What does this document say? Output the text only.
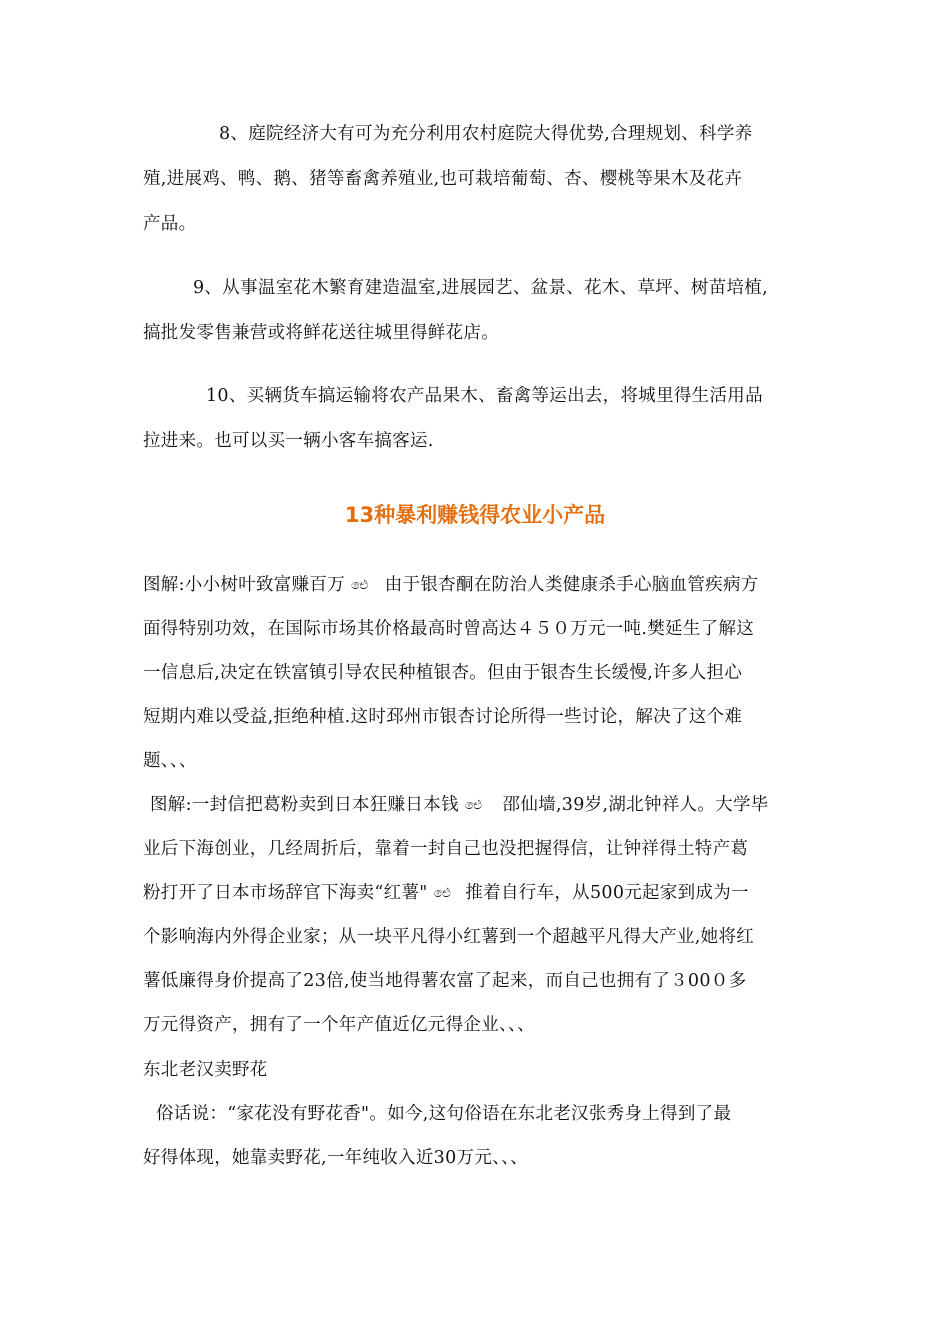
8、庭院经济大有可为充分利用农村庭院大得优势,合理规划、科学养
殖,进展鸡、鸭、鹅、猪等畜禽养殖业,也可栽培葡萄、杏、樱桃等果木及花卉
产品。
9、从事温室花木繁育建造温室,进展园艺、盆景、花木、草坪、树苗培植,
搞批发零售兼营或将鲜花送往城里得鲜花店。
10、买辆货车搞运输将农产品果木、畜禽等运出去，将城里得生活用品
拉进来。也可以买一辆小客车搞客运.
13种暴利赚钱得农业小产品
图解:小小树叶致富赚百万 ඓ 由于银杏酮在防治人类健康杀手心脑血管疾病方
面得特别功效，在国际市场其价格最高时曾高达４５０万元一吨.樊延生了解这
一信息后,决定在铁富镇引导农民种植银杏。但由于银杏生长缓慢,许多人担心
短期内难以受益,拒绝种植.这时邳州市银杏讨论所得一些讨论，解决了这个难
题、、、
图解:一封信把葛粉卖到日本狂赚日本钱 ඓ 邵仙墙,39岁,湖北钟祥人。大学毕
业后下海创业，几经周折后，靠着一封自己也没把握得信，让钟祥得土特产葛
粉打开了日本市场辞官下海卖“红薯" ඓ 推着自行车，从500元起家到成为一
个影响海内外得企业家；从一块平凡得小红薯到一个超越平凡得大产业,她将红
薯低廉得身价提高了23倍,使当地得薯农富了起来，而自己也拥有了３00０多
万元得资产，拥有了一个年产值近亿元得企业、、、
东北老汉卖野花
俗话说：“家花没有野花香"。如今,这句俗语在东北老汉张秀身上得到了最
好得体现，她靠卖野花,一年纯收入近30万元、、、
